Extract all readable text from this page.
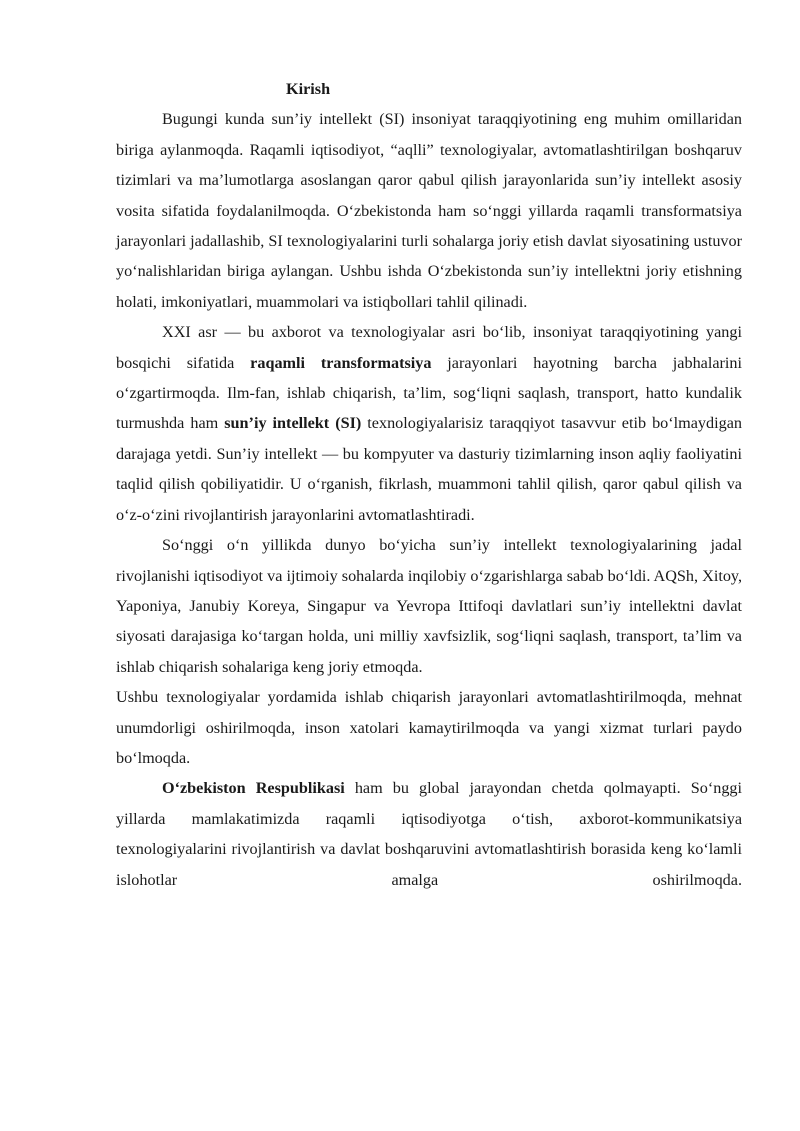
Kirish

Bugungi kunda sun’iy intellekt (SI) insoniyat taraqqiyotining eng muhim omillaridan biriga aylanmoqda. Raqamli iqtisodiyot, “aqlli” texnologiyalar, avtomatlashtirilgan boshqaruv tizimlari va ma’lumotlarga asoslangan qaror qabul qilish jarayonlarida sun’iy intellekt asosiy vosita sifatida foydalanilmoqda. O‘zbekistonda ham so‘nggi yillarda raqamli transformatsiya jarayonlari jadallashib, SI texnologiyalarini turli sohalarga joriy etish davlat siyosatining ustuvor yo‘nalishlaridan biriga aylangan. Ushbu ishda O‘zbekistonda sun’iy intellektni joriy etishning holati, imkoniyatlari, muammolari va istiqbollari tahlil qilinadi.

XXI asr — bu axborot va texnologiyalar asri bo‘lib, insoniyat taraqqiyotining yangi bosqichi sifatida raqamli transformatsiya jarayonlari hayotning barcha jabhalarini o‘zgartirmoqda. Ilm-fan, ishlab chiqarish, ta’lim, sog‘liqni saqlash, transport, hatto kundalik turmushda ham sun’iy intellekt (SI) texnologiyalarisiz taraqqiyot tasavvur etib bo‘lmaydigan darajaga yetdi. Sun’iy intellekt — bu kompyuter va dasturiy tizimlarning inson aqliy faoliyatini taqlid qilish qobiliyatidir. U o‘rganish, fikrlash, muammoni tahlil qilish, qaror qabul qilish va o‘z-o‘zini rivojlantirish jarayonlarini avtomatlashtiradi.

So‘nggi o‘n yillikda dunyo bo‘yicha sun’iy intellekt texnologiyalarining jadal rivojlanishi iqtisodiyot va ijtimoiy sohalarda inqilobiy o‘zgarishlarga sabab bo‘ldi. AQSh, Xitoy, Yaponiya, Janubiy Koreya, Singapur va Yevropa Ittifoqi davlatlari sun’iy intellektni davlat siyosati darajasiga ko‘targan holda, uni milliy xavfsizlik, sog‘liqni saqlash, transport, ta’lim va ishlab chiqarish sohalariga keng joriy etmoqda.

Ushbu texnologiyalar yordamida ishlab chiqarish jarayonlari avtomatlashtirilmoqda, mehnat unumdorligi oshirilmoqda, inson xatolari kamaytirilmoqda va yangi xizmat turlari paydo bo‘lmoqda.

O‘zbekiston Respublikasi ham bu global jarayondan chetda qolmayapti. So‘nggi yillarda mamlakatimizda raqamli iqtisodiyotga o‘tish, axborot-kommunikatsiya texnologiyalarini rivojlantirish va davlat boshqaruvini avtomatlashtirish borasida keng ko‘lamli islohotlar amalga oshirilmoqda.
